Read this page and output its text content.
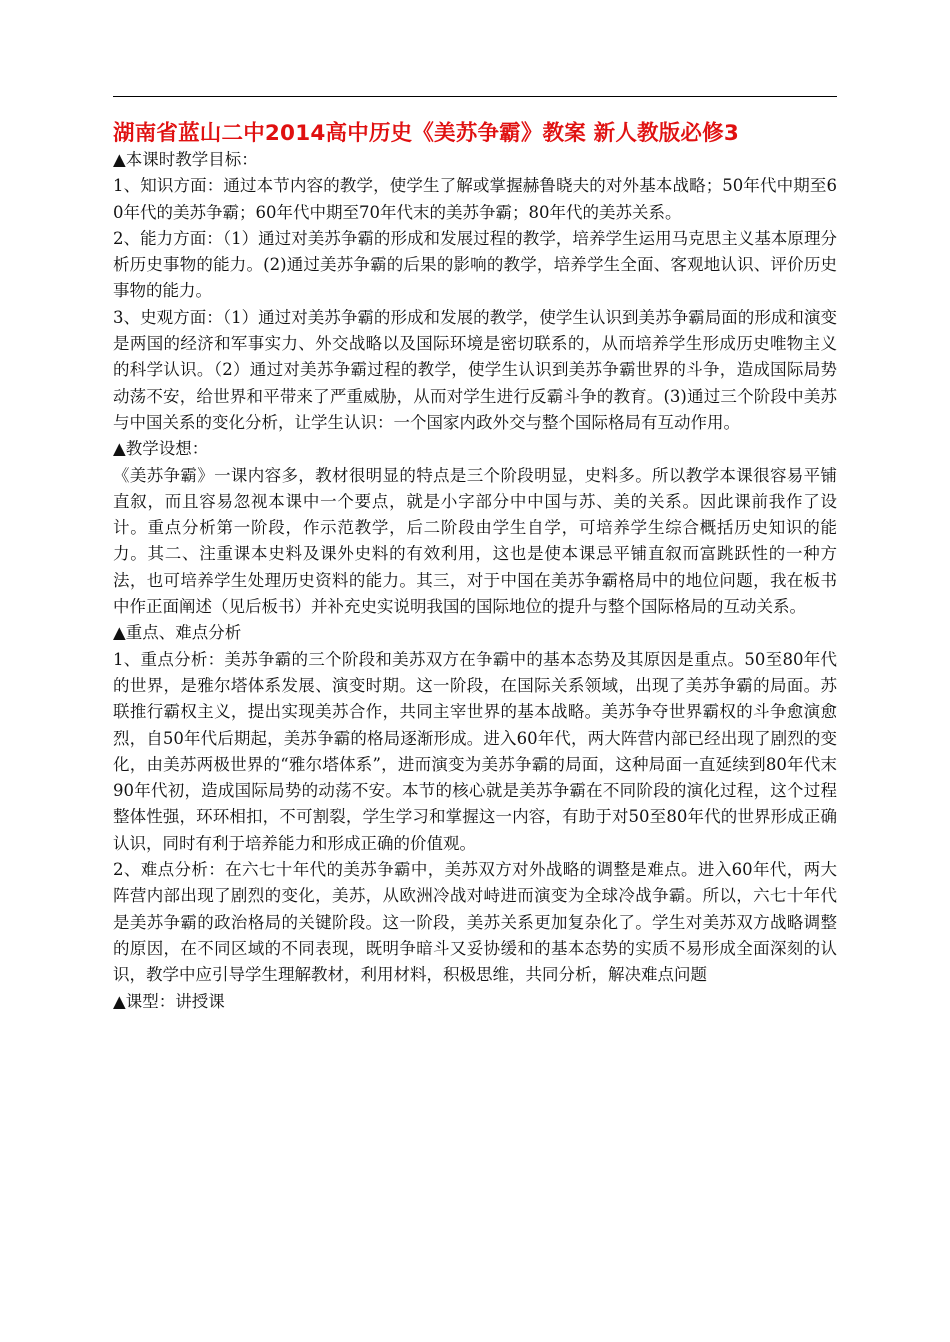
湖南省蓝山二中2014高中历史《美苏争霸》教案 新人教版必修3

▲本课时教学目标：

1、知识方面：通过本节内容的教学，使学生了解或掌握赫鲁晓夫的对外基本战略；50年代中期至60年代的美苏争霸；60年代中期至70年代末的美苏争霸；80年代的美苏关系。

2、能力方面：（1）通过对美苏争霸的形成和发展过程的教学，培养学生运用马克思主义基本原理分析历史事物的能力。(2)通过美苏争霸的后果的影响的教学，培养学生全面、客观地认识、评价历史事物的能力。

3、史观方面：（1）通过对美苏争霸的形成和发展的教学，使学生认识到美苏争霸局面的形成和演变是两国的经济和军事实力、外交战略以及国际环境是密切联系的，从而培养学生形成历史唯物主义的科学认识。（2）通过对美苏争霸过程的教学，使学生认识到美苏争霸世界的斗争，造成国际局势动荡不安，给世界和平带来了严重威胁，从而对学生进行反霸斗争的教育。(3)通过三个阶段中美苏与中国关系的变化分析，让学生认识：一个国家内政外交与整个国际格局有互动作用。

▲教学设想：

《美苏争霸》一课内容多，教材很明显的特点是三个阶段明显，史料多。所以教学本课很容易平铺直叙，而且容易忽视本课中一个要点，就是小字部分中中国与苏、美的关系。因此课前我作了设计。重点分析第一阶段，作示范教学，后二阶段由学生自学，可培养学生综合概括历史知识的能力。其二、注重课本史料及课外史料的有效利用，这也是使本课忌平铺直叙而富跳跃性的一种方法，也可培养学生处理历史资料的能力。其三，对于中国在美苏争霸格局中的地位问题，我在板书中作正面阐述（见后板书）并补充史实说明我国的国际地位的提升与整个国际格局的互动关系。

▲重点、难点分析

1、重点分析：美苏争霸的三个阶段和美苏双方在争霸中的基本态势及其原因是重点。50至80年代的世界，是雅尔塔体系发展、演变时期。这一阶段，在国际关系领域，出现了美苏争霸的局面。苏联推行霸权主义，提出实现美苏合作，共同主宰世界的基本战略。美苏争夺世界霸权的斗争愈演愈烈，自50年代后期起，美苏争霸的格局逐渐形成。进入60年代，两大阵营内部已经出现了剧烈的变化，由美苏两极世界的“雅尔塔体系”，进而演变为美苏争霸的局面，这种局面一直延续到80年代末90年代初，造成国际局势的动荡不安。本节的核心就是美苏争霸在不同阶段的演化过程，这个过程整体性强，环环相扣，不可割裂，学生学习和掌握这一内容，有助于对50至80年代的世界形成正确认识，同时有利于培养能力和形成正确的价值观。

2、难点分析：在六七十年代的美苏争霸中，美苏双方对外战略的调整是难点。进入60年代，两大阵营内部出现了剧烈的变化，美苏，从欧洲冷战对峙进而演变为全球冷战争霸。所以，六七十年代是美苏争霸的政治格局的关键阶段。这一阶段，美苏关系更加复杂化了。学生对美苏双方战略调整的原因，在不同区域的不同表现，既明争暗斗又妥协缓和的基本态势的实质不易形成全面深刻的认识，教学中应引导学生理解教材，利用材料，积极思维，共同分析，解决难点问题

▲课型：讲授课
